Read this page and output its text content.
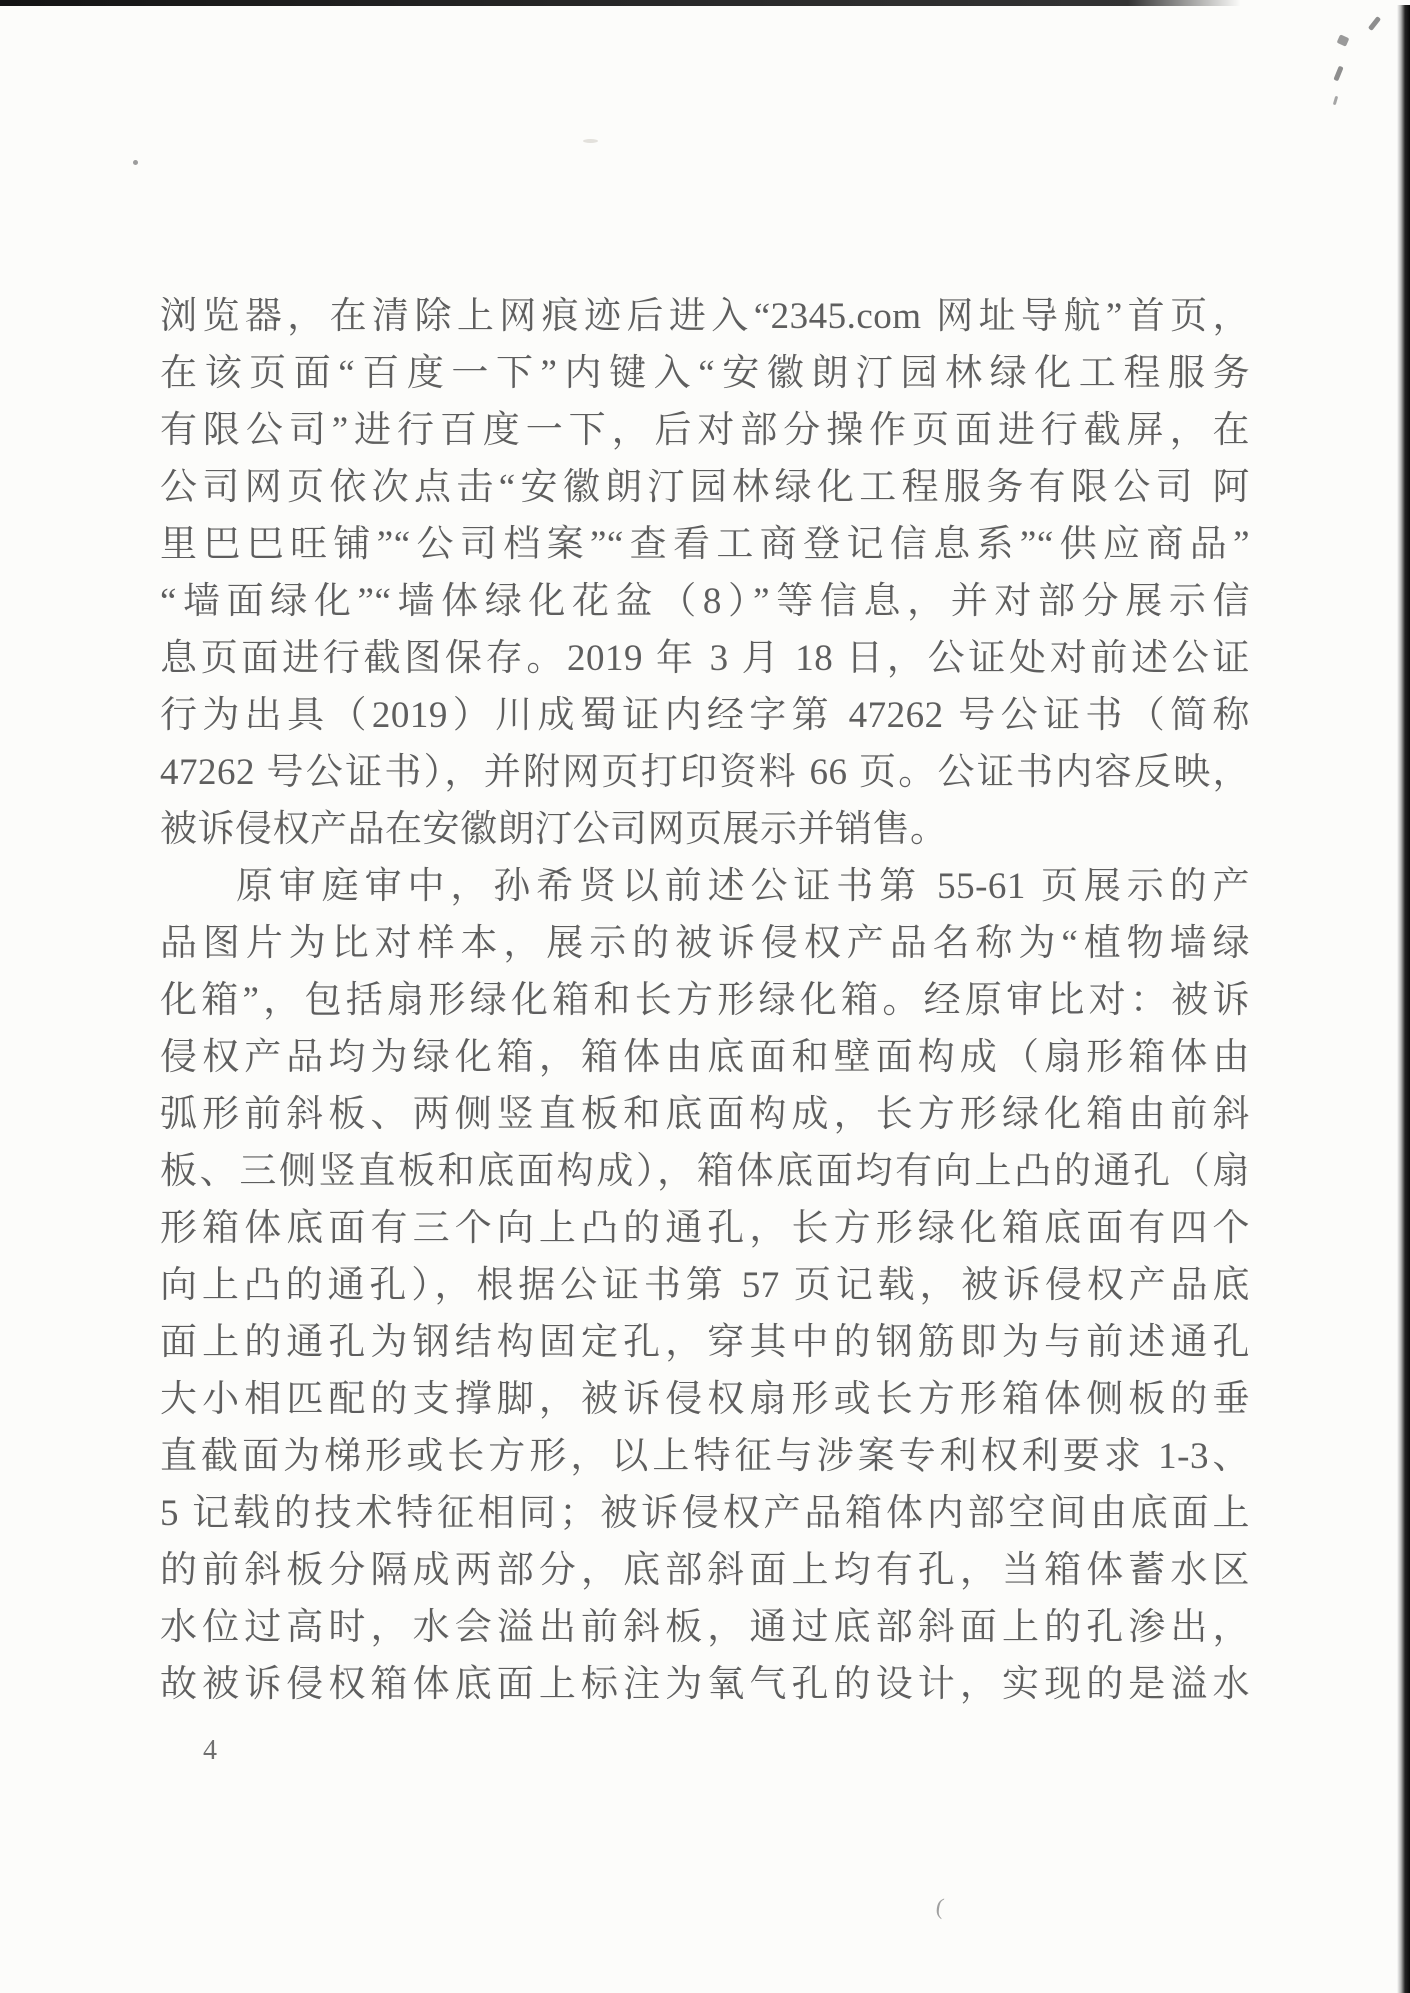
浏览器，在清除上网痕迹后进入“2345.com 网址导航”首页，
在该页面“百度一下”内键入“安徽朗汀园林绿化工程服务
有限公司”进行百度一下，后对部分操作页面进行截屏，在
公司网页依次点击“安徽朗汀园林绿化工程服务有限公司 阿
里巴巴旺铺”“公司档案”“查看工商登记信息系”“供应商品”
“墙面绿化”“墙体绿化花盆（8）”等信息，并对部分展示信
息页面进行截图保存。2019 年 3 月 18 日，公证处对前述公证
行为出具（2019）川成蜀证内经字第 47262 号公证书（简称
47262 号公证书），并附网页打印资料 66 页。公证书内容反映，
被诉侵权产品在安徽朗汀公司网页展示并销售。
原审庭审中，孙希贤以前述公证书第 55-61 页展示的产
品图片为比对样本，展示的被诉侵权产品名称为“植物墙绿
化箱”，包括扇形绿化箱和长方形绿化箱。经原审比对：被诉
侵权产品均为绿化箱，箱体由底面和壁面构成（扇形箱体由
弧形前斜板、两侧竖直板和底面构成，长方形绿化箱由前斜
板、三侧竖直板和底面构成），箱体底面均有向上凸的通孔（扇
形箱体底面有三个向上凸的通孔，长方形绿化箱底面有四个
向上凸的通孔），根据公证书第 57 页记载，被诉侵权产品底
面上的通孔为钢结构固定孔，穿其中的钢筋即为与前述通孔
大小相匹配的支撑脚，被诉侵权扇形或长方形箱体侧板的垂
直截面为梯形或长方形，以上特征与涉案专利权利要求 1-3、
5 记载的技术特征相同；被诉侵权产品箱体内部空间由底面上
的前斜板分隔成两部分，底部斜面上均有孔，当箱体蓄水区
水位过高时，水会溢出前斜板，通过底部斜面上的孔渗出，
故被诉侵权箱体底面上标注为氧气孔的设计，实现的是溢水
4
(
